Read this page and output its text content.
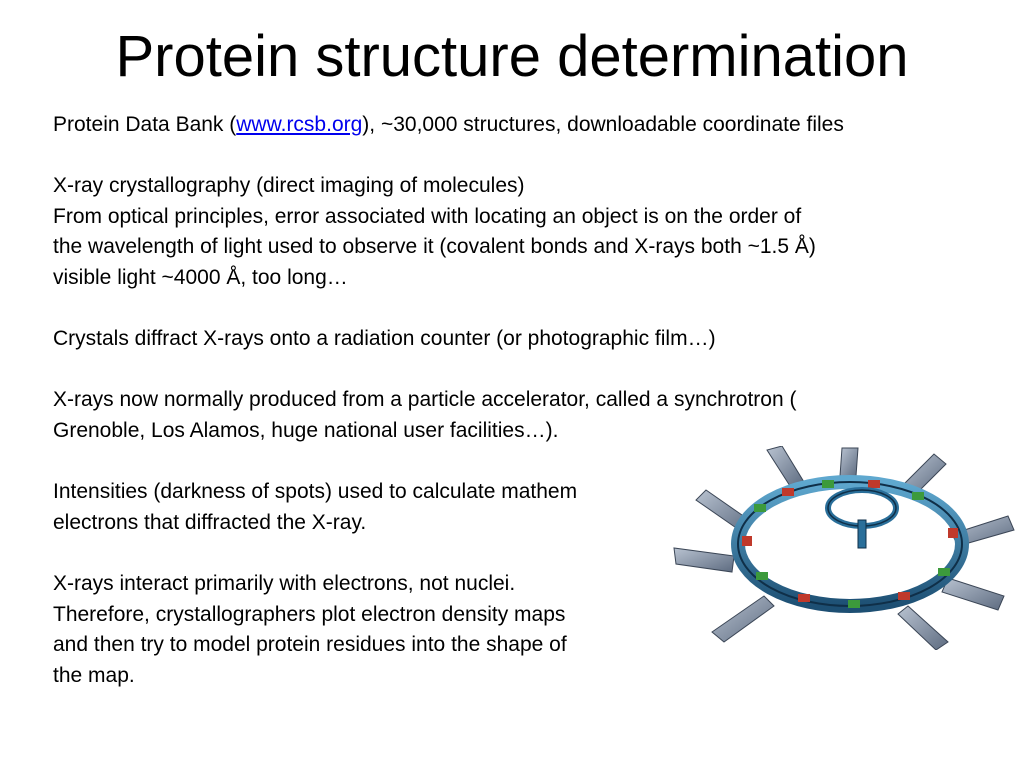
Protein structure determination
Protein Data Bank (www.rcsb.org), ~30,000 structures, downloadable coordinate files
X-ray crystallography (direct imaging of molecules)
From optical principles, error associated with locating an object is on the order of
the wavelength of light used to observe it (covalent bonds and X-rays both ~1.5 Å)
visible light ~4000 Å, too long…
Crystals diffract X-rays onto a radiation counter (or photographic film…)
X-rays now normally produced from a particle accelerator, called a synchrotron (
Grenoble, Los Alamos, huge national user facilities…).
Intensities (darkness of spots) used to calculate mathem
electrons that diffracted the X-ray.
X-rays interact primarily with electrons, not nuclei.
Therefore, crystallographers plot electron density maps
and then try to model protein residues into the shape of
the map.
